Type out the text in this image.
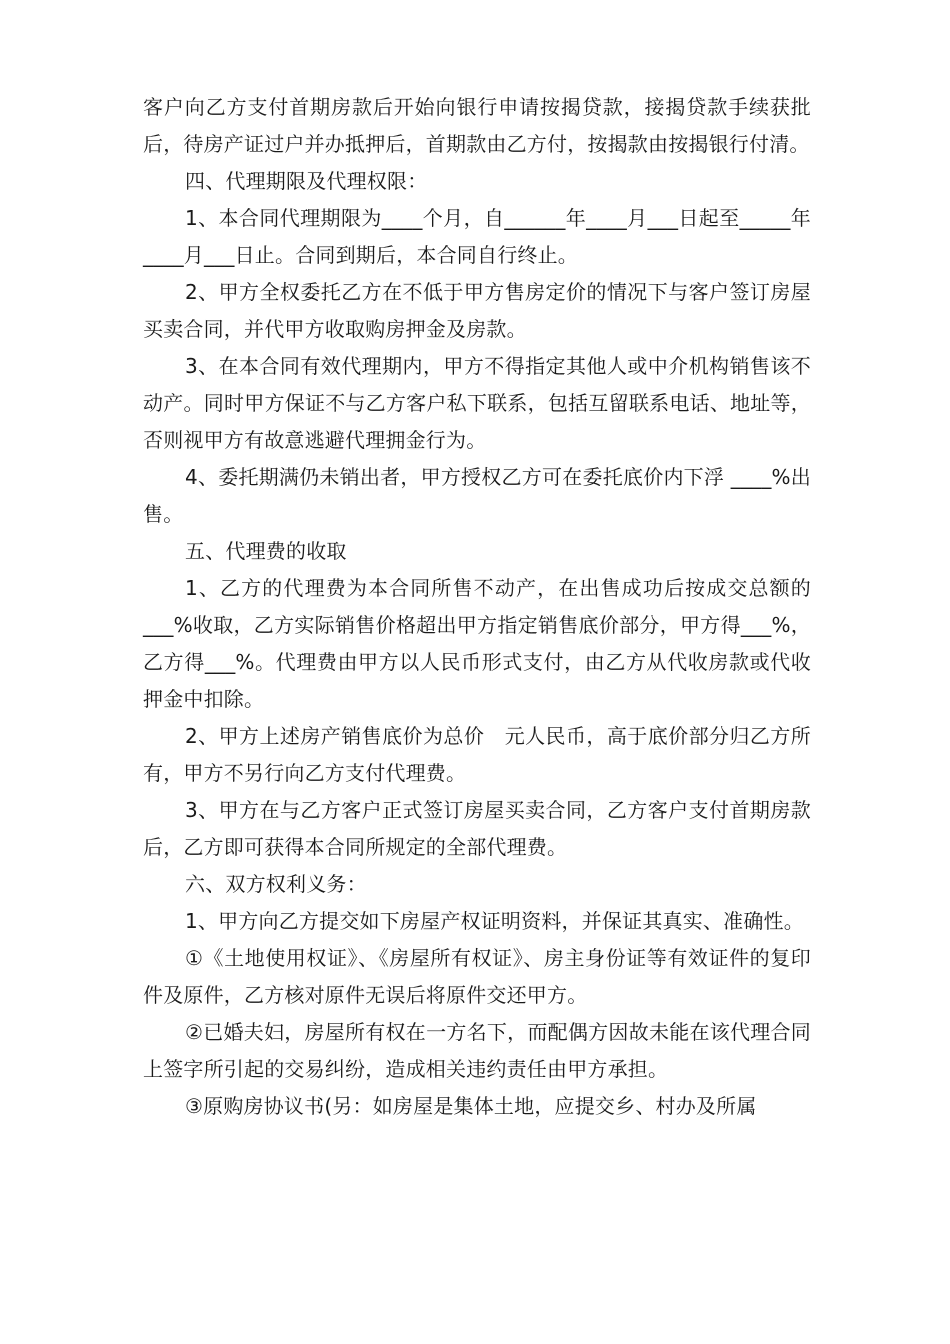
客户向乙方支付首期房款后开始向银行申请按揭贷款，接揭贷款手续获批后，待房产证过户并办抵押后，首期款由乙方付，按揭款由按揭银行付清。

四、代理期限及代理权限：

1、本合同代理期限为____个月，自______年____月___日起至_____年____月___日止。合同到期后，本合同自行终止。

2、甲方全权委托乙方在不低于甲方售房定价的情况下与客户签订房屋买卖合同，并代甲方收取购房押金及房款。

3、在本合同有效代理期内，甲方不得指定其他人或中介机构销售该不动产。同时甲方保证不与乙方客户私下联系，包括互留联系电话、地址等，否则视甲方有故意逃避代理拥金行为。

4、委托期满仍未销出者，甲方授权乙方可在委托底价内下浮 ____%出售。

五、代理费的收取

1、乙方的代理费为本合同所售不动产，在出售成功后按成交总额的___%收取，乙方实际销售价格超出甲方指定销售底价部分，甲方得___%，乙方得___%。代理费由甲方以人民币形式支付，由乙方从代收房款或代收押金中扣除。

2、甲方上述房产销售底价为总价　元人民币，高于底价部分归乙方所有，甲方不另行向乙方支付代理费。

3、甲方在与乙方客户正式签订房屋买卖合同，乙方客户支付首期房款后，乙方即可获得本合同所规定的全部代理费。

六、双方权利义务：

1、甲方向乙方提交如下房屋产权证明资料，并保证其真实、准确性。

①《土地使用权证》、《房屋所有权证》、房主身份证等有效证件的复印件及原件，乙方核对原件无误后将原件交还甲方。

②已婚夫妇，房屋所有权在一方名下，而配偶方因故未能在该代理合同上签字所引起的交易纠纷，造成相关违约责任由甲方承担。

③原购房协议书(另：如房屋是集体土地，应提交乡、村办及所属
